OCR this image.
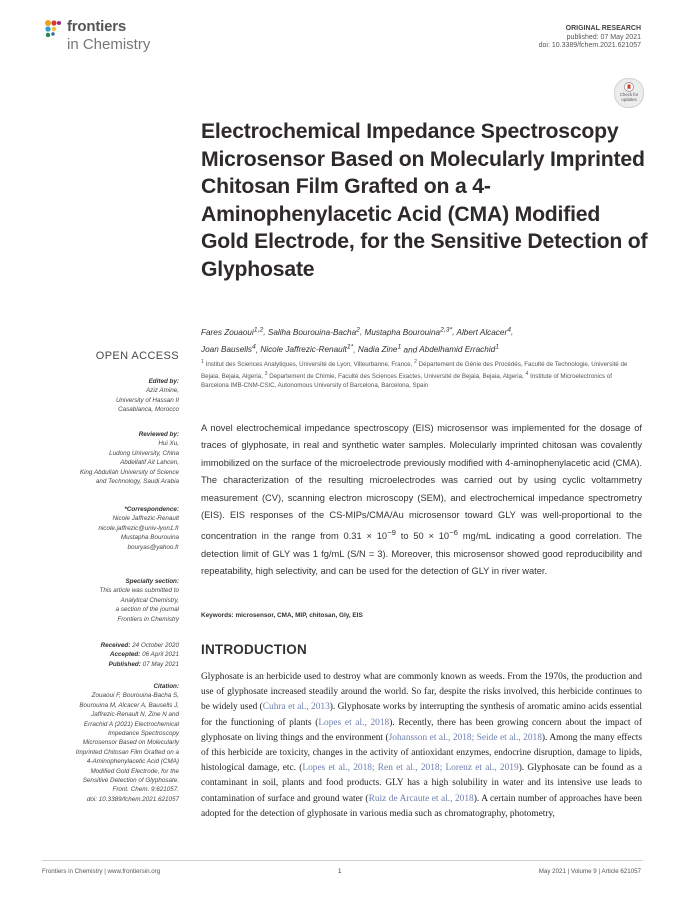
frontiers
in Chemistry
ORIGINAL RESEARCH
published: 07 May 2021
doi: 10.3389/fchem.2021.621057
Check for
updates
Electrochemical Impedance Spectroscopy Microsensor Based on Molecularly Imprinted Chitosan Film Grafted on a 4-Aminophenylacetic Acid (CMA) Modified Gold Electrode, for the Sensitive Detection of Glyphosate
Fares Zouaoui$^{1,2}$, Saliha Bourouina-Bacha$^2$, Mustapha Bourouina$^{2,3*}$, Albert Alcacer$^4$,
Joan Bausells$^4$, Nicole Jaffrezic-Renault$^{1*}$, Nadia Zine$^1$ and Abdelhamid Errachid$^1$
$^1$ Institut des Sciences Analytiques, Université de Lyon, Villeurbanne, France, $^2$ Département de Génie des Procédés, Faculté de Technologie, Université de Bejaia, Bejaia, Algeria, $^3$ Departement de Chimie, Faculté des Sciences Exactes, Université de Bejaia, Bejaia, Algeria, $^4$ Institute of Microelectronics of Barcelona IMB-CNM-CSIC, Autonomous University of Barcelona, Barcelona, Spain
OPEN ACCESS
Edited by:
Aziz Amine,
University of Hassan II
Casablanca, Morocco
Reviewed by:
Hui Xu,
Ludong University, China
Abdellatif Ait Lahcen,
King Abdullah University of Science
and Technology, Saudi Arabia
*Correspondence:
Nicole Jaffrezic-Renault
nicole.jaffrezic@univ-lyon1.fr
Mustapha Bourouina
bouryas@yahoo.fr
Specialty section:
This article was submitted to
Analytical Chemistry,
a section of the journal
Frontiers in Chemistry
Received: 24 October 2020
Accepted: 06 April 2021
Published: 07 May 2021
Citation:
Zouaoui F, Bourouina-Bacha S,
Bourouina M, Alcacer A, Bausells J,
Jaffrezic-Renault N, Zine N and
Errachid A (2021) Electrochemical
Impedance Spectroscopy
Microsensor Based on Molecularly
Imprinted Chitosan Film Grafted on a
4-Aminophenylacetic Acid (CMA)
Modified Gold Electrode, for the
Sensitive Detection of Glyphosate.
Front. Chem. 9:621057.
doi: 10.3389/fchem.2021.621057

A novel electrochemical impedance spectroscopy (EIS) microsensor was implemented for the dosage of traces of glyphosate, in real and synthetic water samples. Molecularly imprinted chitosan was covalently immobilized on the surface of the microelectrode previously modified with 4-aminophenylacetic acid (CMA). The characterization of the resulting microelectrodes was carried out by using cyclic voltammetry measurement (CV), scanning electron microscopy (SEM), and electrochemical impedance spectrometry (EIS). EIS responses of the CS-MIPs/CMA/Au microsensor toward GLY was well-proportional to the concentration in the range from $0.31 \times 10^{-9}$ to $50 \times 10^{-6}$ mg/mL indicating a good correlation. The detection limit of GLY was 1 fg/mL (S/N = 3). Moreover, this microsensor showed good reproducibility and repeatability, high selectivity, and can be used for the detection of GLY in river water.

Keywords: microsensor, CMA, MIP, chitosan, Gly, EIS
INTRODUCTION

Glyphosate is an herbicide used to destroy what are commonly known as weeds. From the 1970s, the production and use of glyphosate increased steadily around the world. So far, despite the risks involved, this herbicide continues to be widely used (Cuhra et al., 2013). Glyphosate works by interrupting the synthesis of aromatic amino acids essential for the functioning of plants (Lopes et al., 2018). Recently, there has been growing concern about the impact of glyphosate on living things and the environment (Johansson et al., 2018; Seide et al., 2018). Among the many effects of this herbicide are toxicity, changes in the activity of antioxidant enzymes, endocrine disruption, damage to lipids, histological damage, etc. (Lopes et al., 2018; Ren et al., 2018; Lorenz et al., 2019). Glyphosate can be found as a contaminant in soil, plants and food products. GLY has a high solubility in water and its intensive use leads to contamination of surface and ground water (Ruiz de Arcaute et al., 2018). A certain number of approaches have been adopted for the detection of glyphosate in various media such as chromatography, photometry,

Frontiers in Chemistry | www.frontiersin.org	1	May 2021 | Volume 9 | Article 621057
